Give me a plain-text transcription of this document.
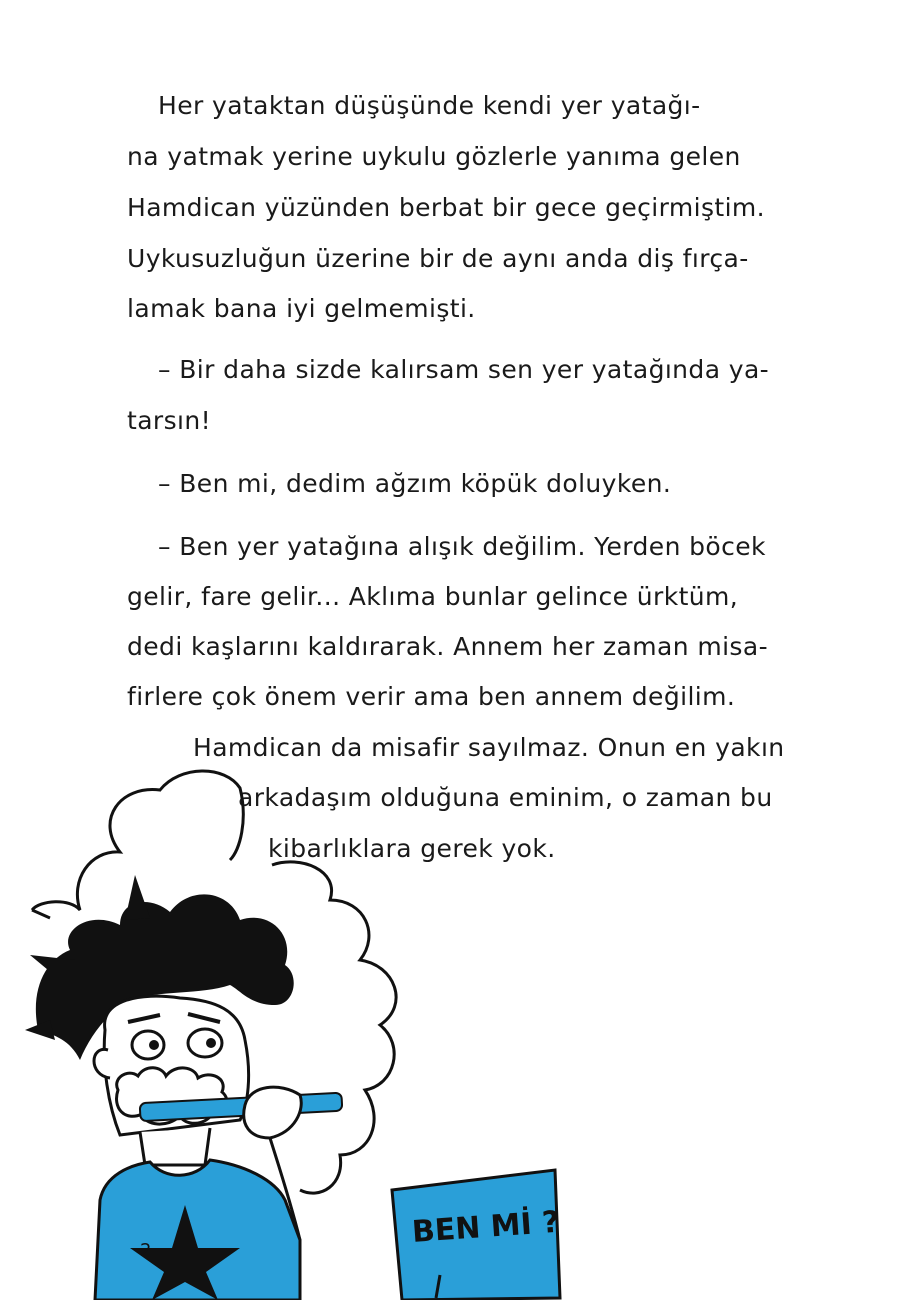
Her yataktan düşüşünde kendi yer yatağı-
na yatmak yerine uykulu gözlerle yanıma gelen
Hamdican yüzünden berbat bir gece geçirmiştim.
Uykusuzluğun üzerine bir de aynı anda diş fırça-
lamak bana iyi gelmemişti.
– Bir daha sizde kalırsam sen yer yatağında ya-
tarsın!
– Ben mi, dedim ağzım köpük doluyken.
– Ben yer yatağına alışık değilim. Yerden böcek
gelir, fare gelir... Aklıma bunlar gelince ürktüm,
dedi kaşlarını kaldırarak. Annem her zaman misa-
firlere çok önem verir ama ben annem değilim.
Hamdican da misafir sayılmaz. Onun en yakın
arkadaşım olduğuna eminim, o zaman bu
kibarlıklara gerek yok.
2
BEN Mİ ?
